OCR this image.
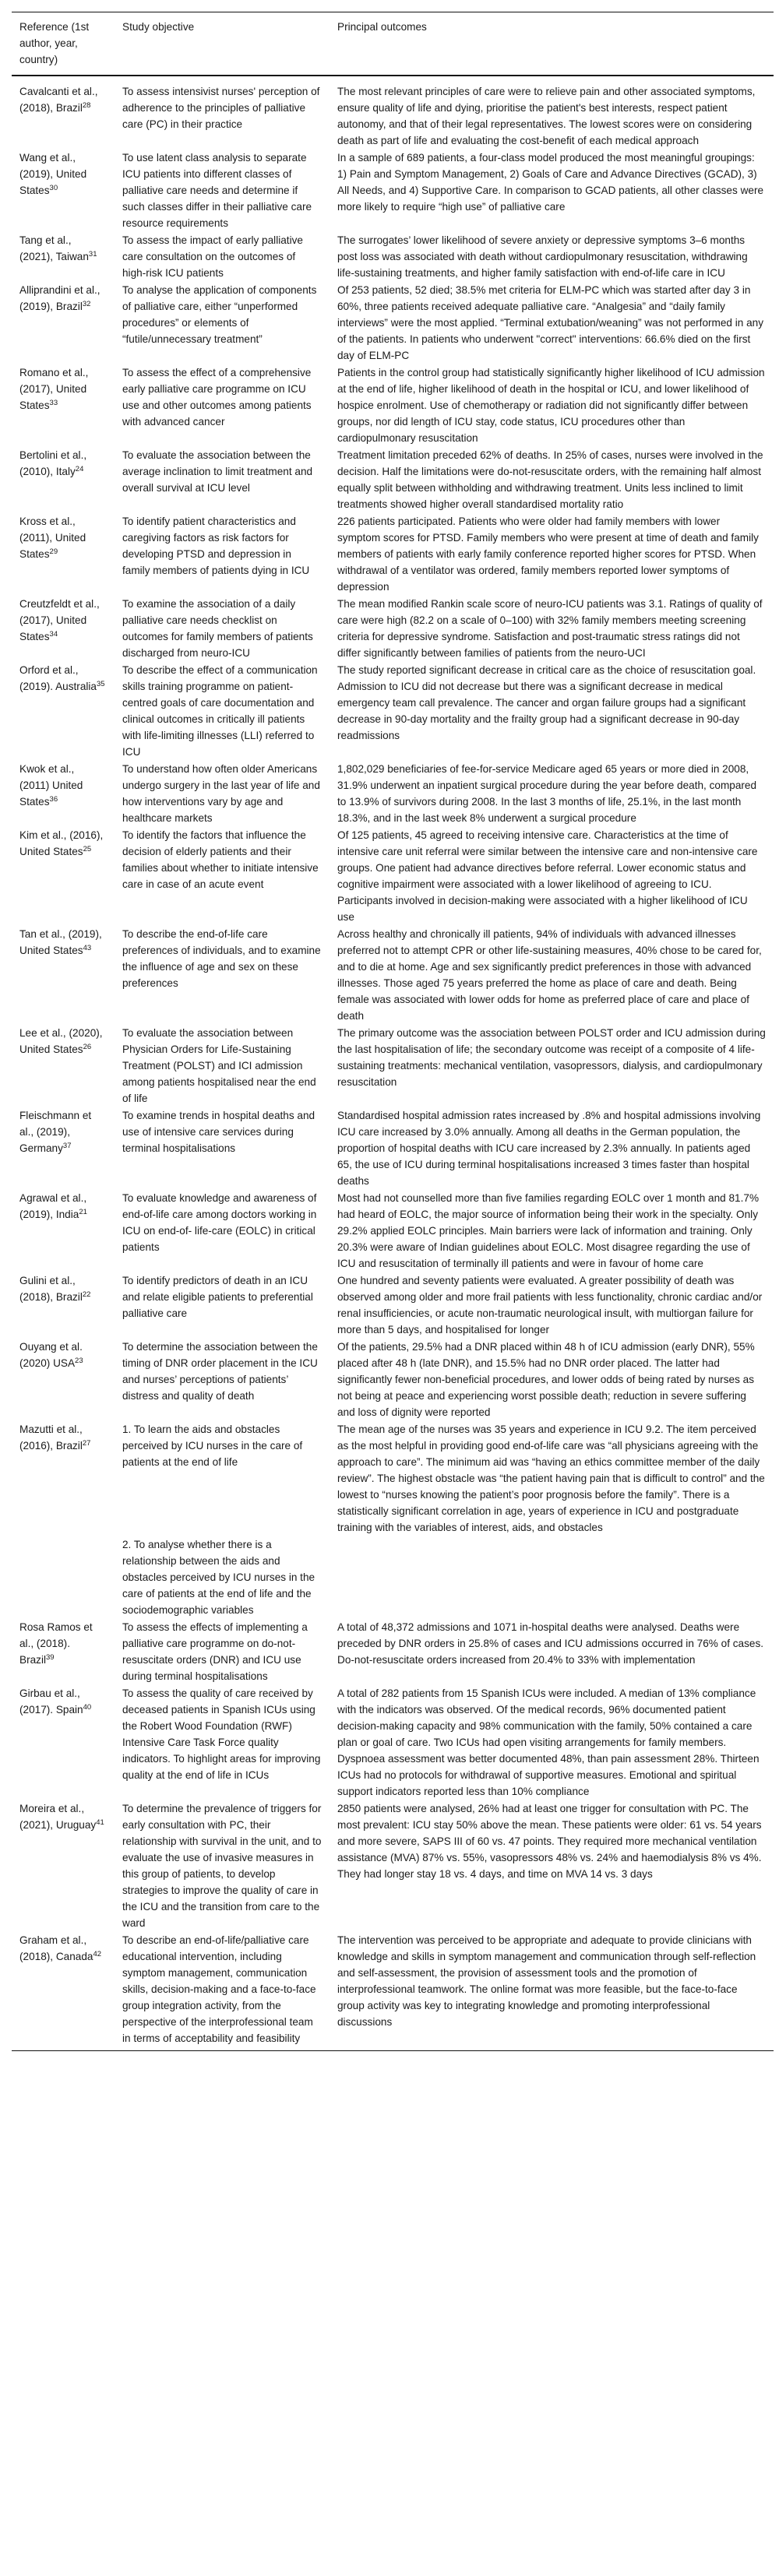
Reference (1st author, year, country)	Study objective	Principal outcomes
Cavalcanti et al., (2018), Brazil$^{28}$	To assess intensivist nurses' perception of adherence to the principles of palliative care (PC) in their practice	The most relevant principles of care were to relieve pain and other associated symptoms, ensure quality of life and dying, prioritise the patient's best interests, respect patient autonomy, and that of their legal representatives. The lowest scores were on considering death as part of life and evaluating the cost-benefit of each medical approach
Wang et al., (2019), United States$^{30}$	To use latent class analysis to separate ICU patients into different classes of palliative care needs and determine if such classes differ in their palliative care resource requirements	In a sample of 689 patients, a four-class model produced the most meaningful groupings: 1) Pain and Symptom Management, 2) Goals of Care and Advance Directives (GCAD), 3) All Needs, and 4) Supportive Care. In comparison to GCAD patients, all other classes were more likely to require “high use” of palliative care
Tang et al., (2021), Taiwan$^{31}$	To assess the impact of early palliative care consultation on the outcomes of high-risk ICU patients	The surrogates’ lower likelihood of severe anxiety or depressive symptoms 3–6 months post loss was associated with death without cardiopulmonary resuscitation, withdrawing life-sustaining treatments, and higher family satisfaction with end-of-life care in ICU
Alliprandini et al., (2019), Brazil$^{32}$	To analyse the application of components of palliative care, either “unperformed procedures” or elements of “futile/unnecessary treatment”	Of 253 patients, 52 died; 38.5% met criteria for ELM-PC which was started after day 3 in 60%, three patients received adequate palliative care. “Analgesia” and “daily family interviews” were the most applied. “Terminal extubation/weaning” was not performed in any of the patients. In patients who underwent "correct" interventions: 66.6% died on the first day of ELM-PC
Romano et al., (2017), United States$^{33}$	To assess the effect of a comprehensive early palliative care programme on ICU use and other outcomes among patients with advanced cancer	Patients in the control group had statistically significantly higher likelihood of ICU admission at the end of life, higher likelihood of death in the hospital or ICU, and lower likelihood of hospice enrolment. Use of chemotherapy or radiation did not significantly differ between groups, nor did length of ICU stay, code status, ICU procedures other than cardiopulmonary resuscitation
Bertolini et al., (2010), Italy$^{24}$	To evaluate the association between the average inclination to limit treatment and overall survival at ICU level	Treatment limitation preceded 62% of deaths. In 25% of cases, nurses were involved in the decision. Half the limitations were do-not-resuscitate orders, with the remaining half almost equally split between withholding and withdrawing treatment. Units less inclined to limit treatments showed higher overall standardised mortality ratio
Kross et al., (2011), United States$^{29}$	To identify patient characteristics and caregiving factors as risk factors for developing PTSD and depression in family members of patients dying in ICU	226 patients participated. Patients who were older had family members with lower symptom scores for PTSD. Family members who were present at time of death and family members of patients with early family conference reported higher scores for PTSD. When withdrawal of a ventilator was ordered, family members reported lower symptoms of depression
Creutzfeldt et al., (2017), United States$^{34}$	To examine the association of a daily palliative care needs checklist on outcomes for family members of patients discharged from neuro-ICU	The mean modified Rankin scale score of neuro-ICU patients was 3.1. Ratings of quality of care were high (82.2 on a scale of 0–100) with 32% family members meeting screening criteria for depressive syndrome. Satisfaction and post-traumatic stress ratings did not differ significantly between families of patients from the neuro-UCI
Orford et al., (2019). Australia$^{35}$	To describe the effect of a communication skills training programme on patient-centred goals of care documentation and clinical outcomes in critically ill patients with life-limiting illnesses (LLI) referred to ICU	The study reported significant decrease in critical care as the choice of resuscitation goal. Admission to ICU did not decrease but there was a significant decrease in medical emergency team call prevalence. The cancer and organ failure groups had a significant decrease in 90-day mortality and the frailty group had a significant decrease in 90-day readmissions
Kwok et al., (2011) United States$^{36}$	To understand how often older Americans undergo surgery in the last year of life and how interventions vary by age and healthcare markets	1,802,029 beneficiaries of fee-for-service Medicare aged 65 years or more died in 2008, 31.9% underwent an inpatient surgical procedure during the year before death, compared to 13.9% of survivors during 2008. In the last 3 months of life, 25.1%, in the last month 18.3%, and in the last week 8% underwent a surgical procedure
Kim et al., (2016), United States$^{25}$	To identify the factors that influence the decision of elderly patients and their families about whether to initiate intensive care in case of an acute event	Of 125 patients, 45 agreed to receiving intensive care. Characteristics at the time of intensive care unit referral were similar between the intensive care and non-intensive care groups. One patient had advance directives before referral. Lower economic status and cognitive impairment were associated with a lower likelihood of agreeing to ICU. Participants involved in decision-making were associated with a higher likelihood of ICU use
Tan et al., (2019), United States$^{43}$	To describe the end-of-life care preferences of individuals, and to examine the influence of age and sex on these preferences	Across healthy and chronically ill patients, 94% of individuals with advanced illnesses preferred not to attempt CPR or other life-sustaining measures, 40% chose to be cared for, and to die at home. Age and sex significantly predict preferences in those with advanced illnesses. Those aged 75 years preferred the home as place of care and death. Being female was associated with lower odds for home as preferred place of care and place of death
Lee et al., (2020), United States$^{26}$	To evaluate the association between Physician Orders for Life-Sustaining Treatment (POLST) and ICI admission among patients hospitalised near the end of life	The primary outcome was the association between POLST order and ICU admission during the last hospitalisation of life; the secondary outcome was receipt of a composite of 4 life-sustaining treatments: mechanical ventilation, vasopressors, dialysis, and cardiopulmonary resuscitation
Fleischmann et al., (2019), Germany$^{37}$	To examine trends in hospital deaths and use of intensive care services during terminal hospitalisations	Standardised hospital admission rates increased by .8% and hospital admissions involving ICU care increased by 3.0% annually. Among all deaths in the German population, the proportion of hospital deaths with ICU care increased by 2.3% annually. In patients aged 65, the use of ICU during terminal hospitalisations increased 3 times faster than hospital deaths
Agrawal et al., (2019), India$^{21}$	To evaluate knowledge and awareness of end-of-life care among doctors working in ICU on end-of- life-care (EOLC) in critical patients	Most had not counselled more than five families regarding EOLC over 1 month and 81.7% had heard of EOLC, the major source of information being their work in the specialty. Only 29.2% applied EOLC principles. Main barriers were lack of information and training. Only 20.3% were aware of Indian guidelines about EOLC. Most disagree regarding the use of ICU and resuscitation of terminally ill patients and were in favour of home care
Gulini et al., (2018), Brazil$^{22}$	To identify predictors of death in an ICU and relate eligible patients to preferential palliative care	One hundred and seventy patients were evaluated. A greater possibility of death was observed among older and more frail patients with less functionality, chronic cardiac and/or renal insufficiencies, or acute non-traumatic neurological insult, with multiorgan failure for more than 5 days, and hospitalised for longer
Ouyang et al. (2020) USA$^{23}$	To determine the association between the timing of DNR order placement in the ICU and nurses’ perceptions of patients’ distress and quality of death	Of the patients, 29.5% had a DNR placed within 48 h of ICU admission (early DNR), 55% placed after 48 h (late DNR), and 15.5% had no DNR order placed. The latter had significantly fewer non-beneficial procedures, and lower odds of being rated by nurses as not being at peace and experiencing worst possible death; reduction in severe suffering and loss of dignity were reported
Mazutti et al., (2016), Brazil$^{27}$	1. To learn the aids and obstacles perceived by ICU nurses in the care of patients at the end of life	The mean age of the nurses was 35 years and experience in ICU 9.2. The item perceived as the most helpful in providing good end-of-life care was “all physicians agreeing with the approach to care”. The minimum aid was “having an ethics committee member of the daily review”. The highest obstacle was “the patient having pain that is difficult to control” and the lowest to “nurses knowing the patient’s poor prognosis before the family”. There is a statistically significant correlation in age, years of experience in ICU and postgraduate training with the variables of interest, aids, and obstacles
	2. To analyse whether there is a relationship between the aids and obstacles perceived by ICU nurses in the care of patients at the end of life and the sociodemographic variables	
Rosa Ramos et al., (2018). Brazil$^{39}$	To assess the effects of implementing a palliative care programme on do-not-resuscitate orders (DNR) and ICU use during terminal hospitalisations	A total of 48,372 admissions and 1071 in-hospital deaths were analysed. Deaths were preceded by DNR orders in 25.8% of cases and ICU admissions occurred in 76% of cases. Do-not-resuscitate orders increased from 20.4% to 33% with implementation
Girbau et al., (2017). Spain$^{40}$	To assess the quality of care received by deceased patients in Spanish ICUs using the Robert Wood Foundation (RWF) Intensive Care Task Force quality indicators. To highlight areas for improving quality at the end of life in ICUs	A total of 282 patients from 15 Spanish ICUs were included. A median of 13% compliance with the indicators was observed. Of the medical records, 96% documented patient decision-making capacity and 98% communication with the family, 50% contained a care plan or goal of care. Two ICUs had open visiting arrangements for family members. Dyspnoea assessment was better documented 48%, than pain assessment 28%. Thirteen ICUs had no protocols for withdrawal of supportive measures. Emotional and spiritual support indicators reported less than 10% compliance
Moreira et al., (2021), Uruguay$^{41}$	To determine the prevalence of triggers for early consultation with PC, their relationship with survival in the unit, and to evaluate the use of invasive measures in this group of patients, to develop strategies to improve the quality of care in the ICU and the transition from care to the ward	2850 patients were analysed, 26% had at least one trigger for consultation with PC. The most prevalent: ICU stay 50% above the mean. These patients were older: 61 vs. 54 years and more severe, SAPS III of 60 vs. 47 points. They required more mechanical ventilation assistance (MVA) 87% vs. 55%, vasopressors 48% vs. 24% and haemodialysis 8% vs 4%. They had longer stay 18 vs. 4 days, and time on MVA 14 vs. 3 days
Graham et al., (2018), Canada$^{42}$	To describe an end-of-life/palliative care educational intervention, including symptom management, communication skills, decision-making and a face-to-face group integration activity, from the perspective of the interprofessional team in terms of acceptability and feasibility	The intervention was perceived to be appropriate and adequate to provide clinicians with knowledge and skills in symptom management and communication through self-reflection and self-assessment, the provision of assessment tools and the promotion of interprofessional teamwork. The online format was more feasible, but the face-to-face group activity was key to integrating knowledge and promoting interprofessional discussions
